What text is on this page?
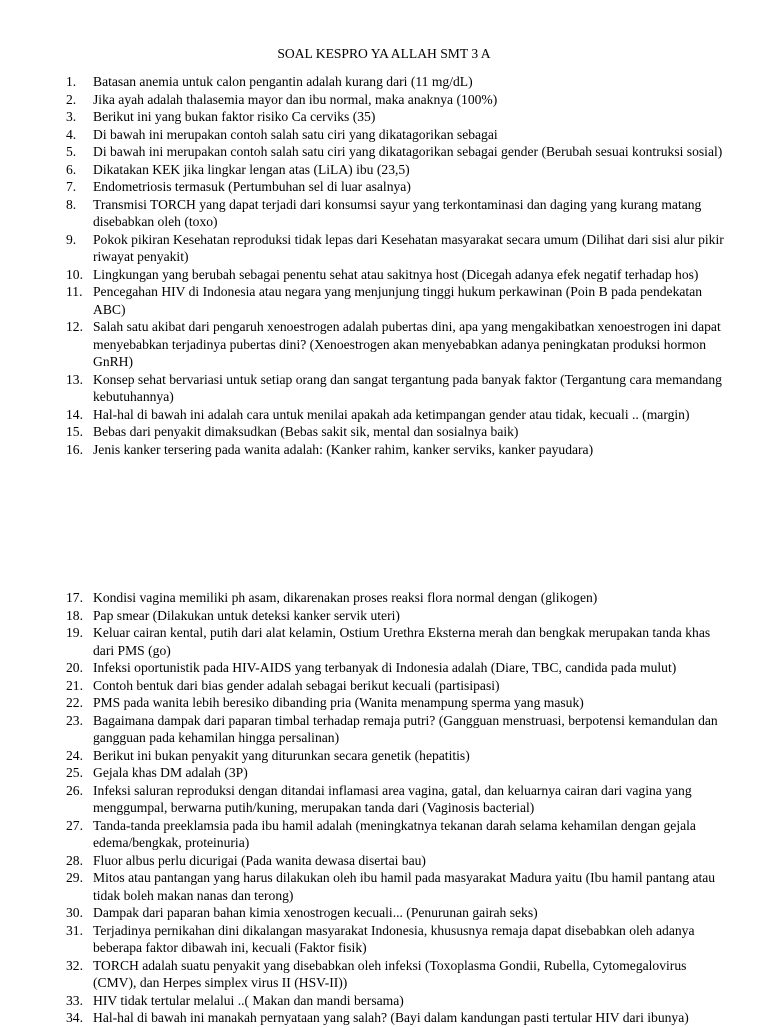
SOAL KESPRO YA ALLAH SMT 3 A
1. Batasan anemia untuk calon pengantin adalah kurang dari (11 mg/dL)
2. Jika ayah adalah thalasemia mayor dan ibu normal, maka anaknya (100%)
3. Berikut ini yang bukan faktor risiko Ca cerviks (35)
4. Di bawah ini merupakan contoh salah satu ciri yang dikatagorikan sebagai
5. Di bawah ini merupakan contoh salah satu ciri yang dikatagorikan sebagai gender (Berubah sesuai kontruksi sosial)
6. Dikatakan KEK jika lingkar lengan atas (LiLA) ibu (23,5)
7. Endometriosis termasuk (Pertumbuhan sel di luar asalnya)
8. Transmisi TORCH yang dapat terjadi dari konsumsi sayur yang terkontaminasi dan daging yang kurang matang disebabkan oleh (toxo)
9. Pokok pikiran Kesehatan reproduksi tidak lepas dari Kesehatan masyarakat secara umum (Dilihat dari sisi alur pikir riwayat penyakit)
10. Lingkungan yang berubah sebagai penentu sehat atau sakitnya host (Dicegah adanya efek negatif terhadap hos)
11. Pencegahan HIV di Indonesia atau negara yang menjunjung tinggi hukum perkawinan (Poin B pada pendekatan ABC)
12. Salah satu akibat dari pengaruh xenoestrogen adalah pubertas dini, apa yang mengakibatkan xenoestrogen ini dapat menyebabkan terjadinya pubertas dini? (Xenoestrogen akan menyebabkan adanya peningkatan produksi hormon GnRH)
13. Konsep sehat bervariasi untuk setiap orang dan sangat tergantung pada banyak faktor (Tergantung cara memandang kebutuhannya)
14. Hal-hal di bawah ini adalah cara untuk menilai apakah ada ketimpangan gender atau tidak, kecuali .. (margin)
15. Bebas dari penyakit dimaksudkan (Bebas sakit sik, mental dan sosialnya baik)
16. Jenis kanker tersering pada wanita adalah: (Kanker rahim, kanker serviks, kanker payudara)
17. Kondisi vagina memiliki ph asam, dikarenakan proses reaksi flora normal dengan (glikogen)
18. Pap smear (Dilakukan untuk deteksi kanker servik uteri)
19. Keluar cairan kental, putih dari alat kelamin, Ostium Urethra Eksterna merah dan bengkak merupakan tanda khas dari PMS (go)
20. Infeksi oportunistik pada HIV-AIDS yang terbanyak di Indonesia adalah (Diare, TBC, candida pada mulut)
21. Contoh bentuk dari bias gender adalah sebagai berikut kecuali (partisipasi)
22. PMS pada wanita lebih beresiko dibanding pria (Wanita menampung sperma yang masuk)
23. Bagaimana dampak dari paparan timbal terhadap remaja putri? (Gangguan menstruasi, berpotensi kemandulan dan gangguan pada kehamilan hingga persalinan)
24. Berikut ini bukan penyakit yang diturunkan secara genetik (hepatitis)
25. Gejala khas DM adalah (3P)
26. Infeksi saluran reproduksi dengan ditandai inflamasi area vagina, gatal, dan keluarnya cairan dari vagina yang menggumpal, berwarna putih/kuning, merupakan tanda dari (Vaginosis bacterial)
27. Tanda-tanda preeklamsia pada ibu hamil adalah (meningkatnya tekanan darah selama kehamilan dengan gejala edema/bengkak, proteinuria)
28. Fluor albus perlu dicurigai (Pada wanita dewasa disertai bau)
29. Mitos atau pantangan yang harus dilakukan oleh ibu hamil pada masyarakat Madura yaitu (Ibu hamil pantang atau tidak boleh makan nanas dan terong)
30. Dampak dari paparan bahan kimia xenostrogen kecuali... (Penurunan gairah seks)
31. Terjadinya pernikahan dini dikalangan masyarakat Indonesia, khususnya remaja dapat disebabkan oleh adanya beberapa faktor dibawah ini, kecuali (Faktor fisik)
32. TORCH adalah suatu penyakit yang disebabkan oleh infeksi (Toxoplasma Gondii, Rubella, Cytomegalovirus (CMV), dan Herpes simplex virus II (HSV-II))
33. HIV tidak tertular melalui ..( Makan dan mandi bersama)
34. Hal-hal di bawah ini manakah pernyataan yang salah? (Bayi dalam kandungan pasti tertular HIV dari ibunya)
